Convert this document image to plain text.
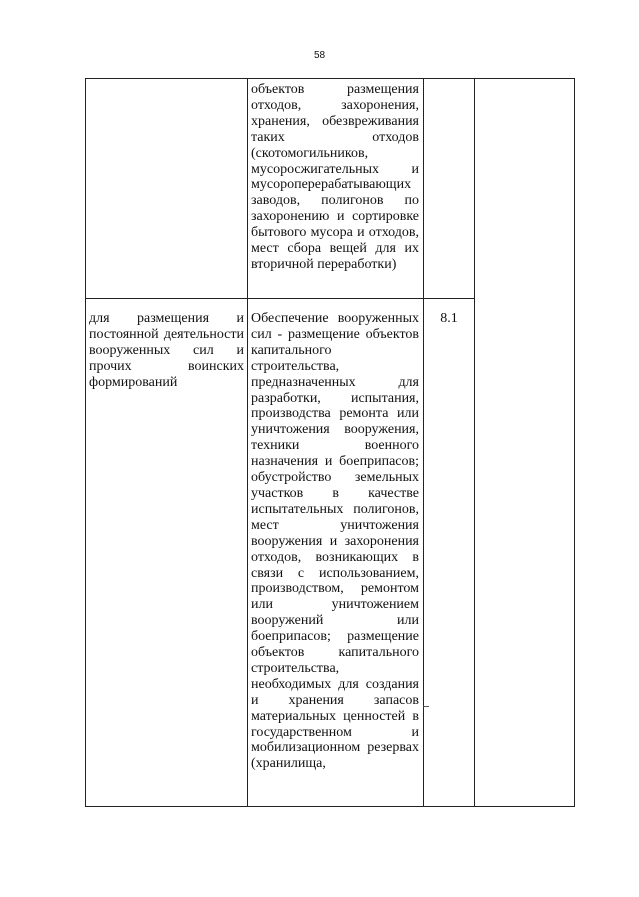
58
объектов размещения отходов, захоронения, хранения, обезвреживания таких отходов (скотомогильников, мусоросжигательных и мусороперерабатывающих заводов, полигонов по захоронению и сортировке бытового мусора и отходов, мест сбора вещей для их вторичной переработки)
для размещения и постоянной деятельности вооруженных сил и прочих воинских формирований
Обеспечение вооруженных сил - размещение объектов капитального строительства, предназначенных для разработки, испытания, производства ремонта или уничтожения вооружения, техники военного назначения и боеприпасов; обустройство земельных участков в качестве испытательных полигонов, мест уничтожения вооружения и захоронения отходов, возникающих в связи с использованием, производством, ремонтом или уничтожением вооружений или боеприпасов; размещение объектов капитального строительства, необходимых для создания и хранения запасов материальных ценностей в государственном и мобилизационном резервах (хранилища,
8.1
